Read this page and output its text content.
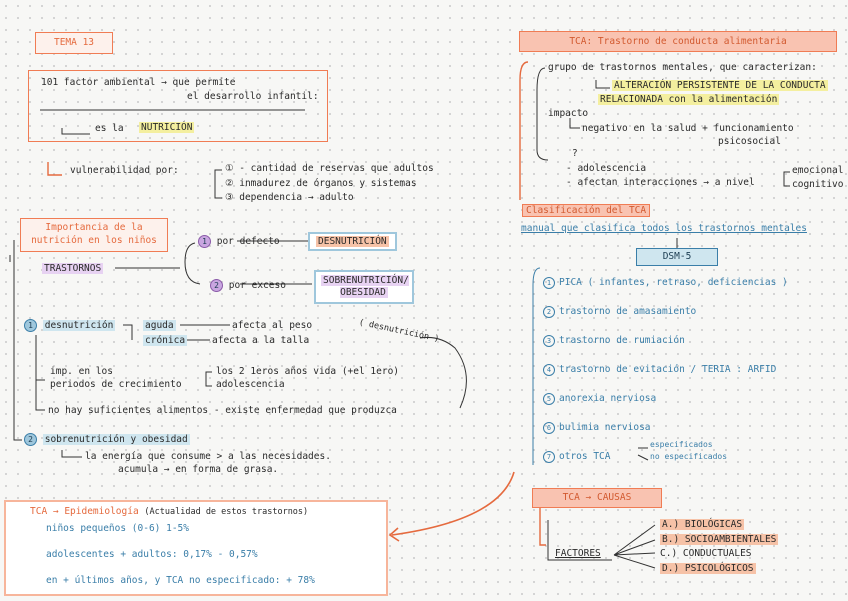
TEMA 13
101 factor ambiental → que permite
el desarrollo infantil:
es la NUTRICIÓN
vulnerabilidad por:	① - cantidad de reservas que adultos
② inmadurez de órganos y sistemas
③ dependencia → adulto
Importancia de la nutrición en los niños
TRASTORNOS
1 por defecto	DESNUTRICIÓN
2 por exceso	SOBRENUTRICIÓN/ OBESIDAD
1 desnutrición	aguda	afecta al peso
crónica	afecta a la talla	( desnutrición )
imp. en los
periodos de crecimiento
los 2 1eros años vida (+el 1ero)
adolescencia
no hay suficientes alimentos - existe enfermedad que produzca
2 sobrenutrición y obesidad
la energía que consume > a las necesidades.
acumula → en forma de grasa.
TCA → Epidemiología (Actualidad de estos trastornos)
niños pequeños (0-6) 1-5%
adolescentes + adultos: 0,17% - 0,57%
en + últimos años, y TCA no especificado: + 78%
TCA: Trastorno de conducta alimentaria
grupo de trastornos mentales, que caracterizan:
ALTERACIÓN PERSISTENTE DE LA CONDUCTA
RELACIONADA con la alimentación
impacto
negativo en la salud + funcionamiento
psicosocial
?
- adolescencia
- afectan interacciones → a nivel
emocional
cognitivo
Clasificación del TCA
manual que clasifica todos los trastornos mentales
DSM-5
1 PICA ( infantes, retraso, deficiencias )
2 trastorno de amasamiento
3 trastorno de rumiación
4 trastorno de evitación / TERIA : ARFID
5 anorexia nerviosa
6 bulimia nerviosa
7 otros TCA
especificados
no especificados
TCA → CAUSAS
FACTORES
A.) BIOLÓGICAS
B.) SOCIOAMBIENTALES
C.) CONDUCTUALES
D.) PSICOLÓGICOS
